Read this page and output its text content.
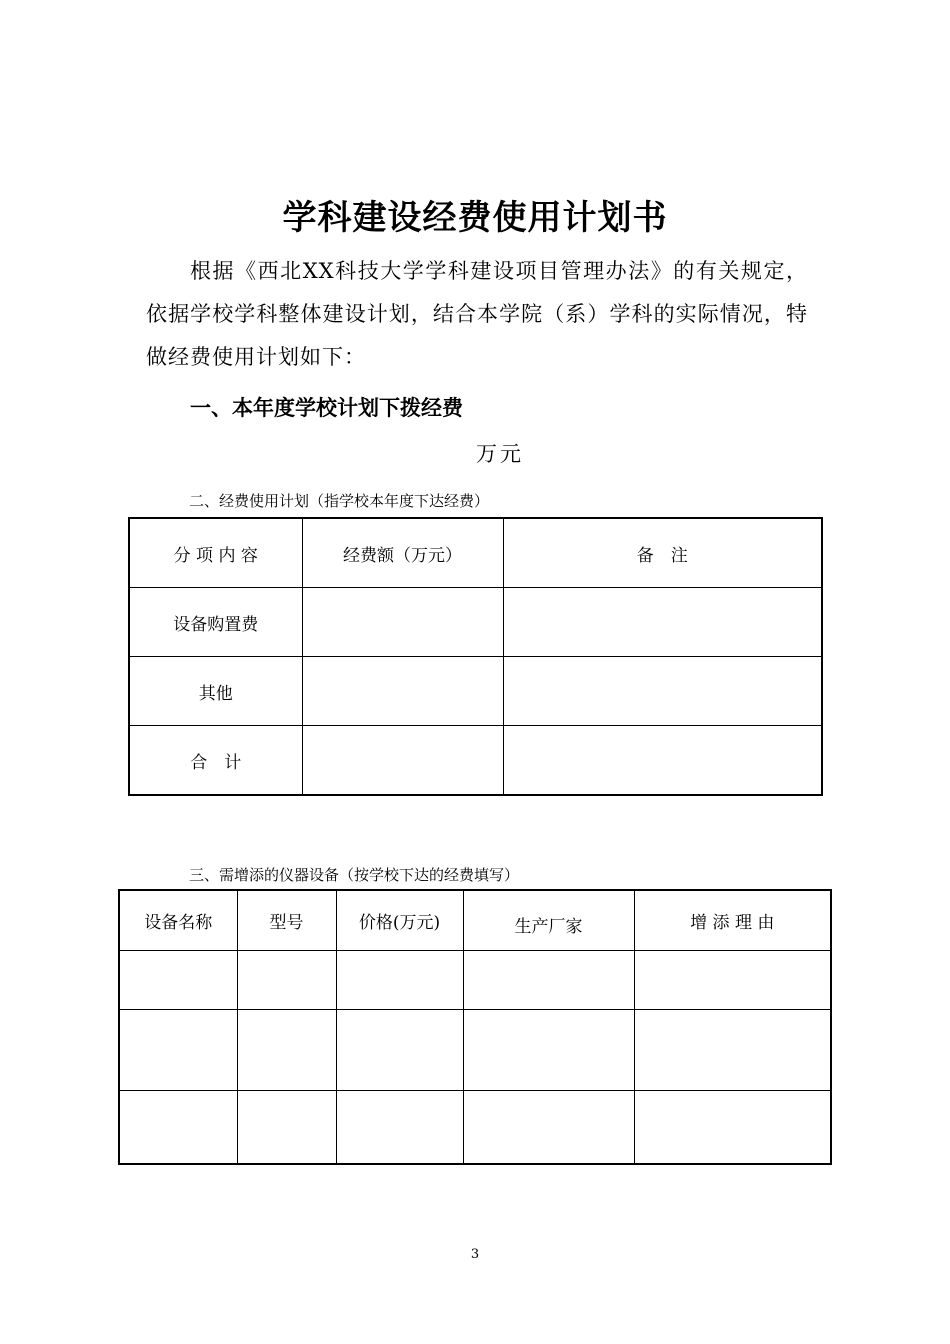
学科建设经费使用计划书
根据《西北XX科技大学学科建设项目管理办法》的有关规定，依据学校学科整体建设计划，结合本学院（系）学科的实际情况，特做经费使用计划如下：
一、本年度学校计划下拨经费
万元
二、经费使用计划（指学校本年度下达经费）
分 项 内 容	经费额（万元）	备　注
设备购置费		
其他		
合　计		
三、需增添的仪器设备（按学校下达的经费填写）
设备名称	型号	价格(万元)	生产厂家	增 添 理 由

3
